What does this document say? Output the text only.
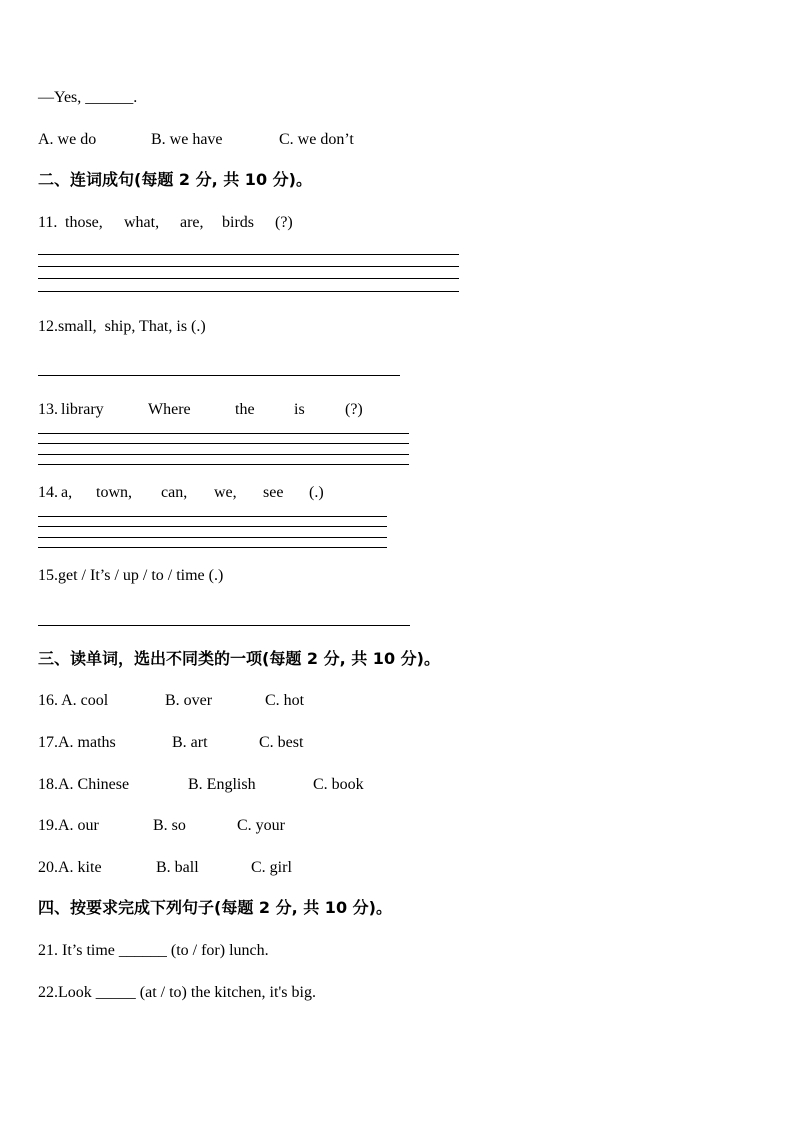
—Yes, ______.
A. we do	B. we have	C. we don’t
二、连词成句(每题 2 分, 共 10 分)。
11. those, what, are, birds (?)
12.small,  ship, That, is (.)
13. library	Where	the is	(?)
14. a, town, can, we, see (.)
15.get / It’s / up / to / time (.)
三、读单词，选出不同类的一项(每题 2 分, 共 10 分)。
16. A. cool	B. over	C. hot
17.A. maths	B. art	C. best
18.A. Chinese	B. English	C. book
19.A. our	B. so	C. your
20.A. kite	B. ball	C. girl
四、按要求完成下列句子(每题 2 分, 共 10 分)。
21. It’s time ______ (to / for) lunch.
22.Look _____ (at / to) the kitchen, it's big.
